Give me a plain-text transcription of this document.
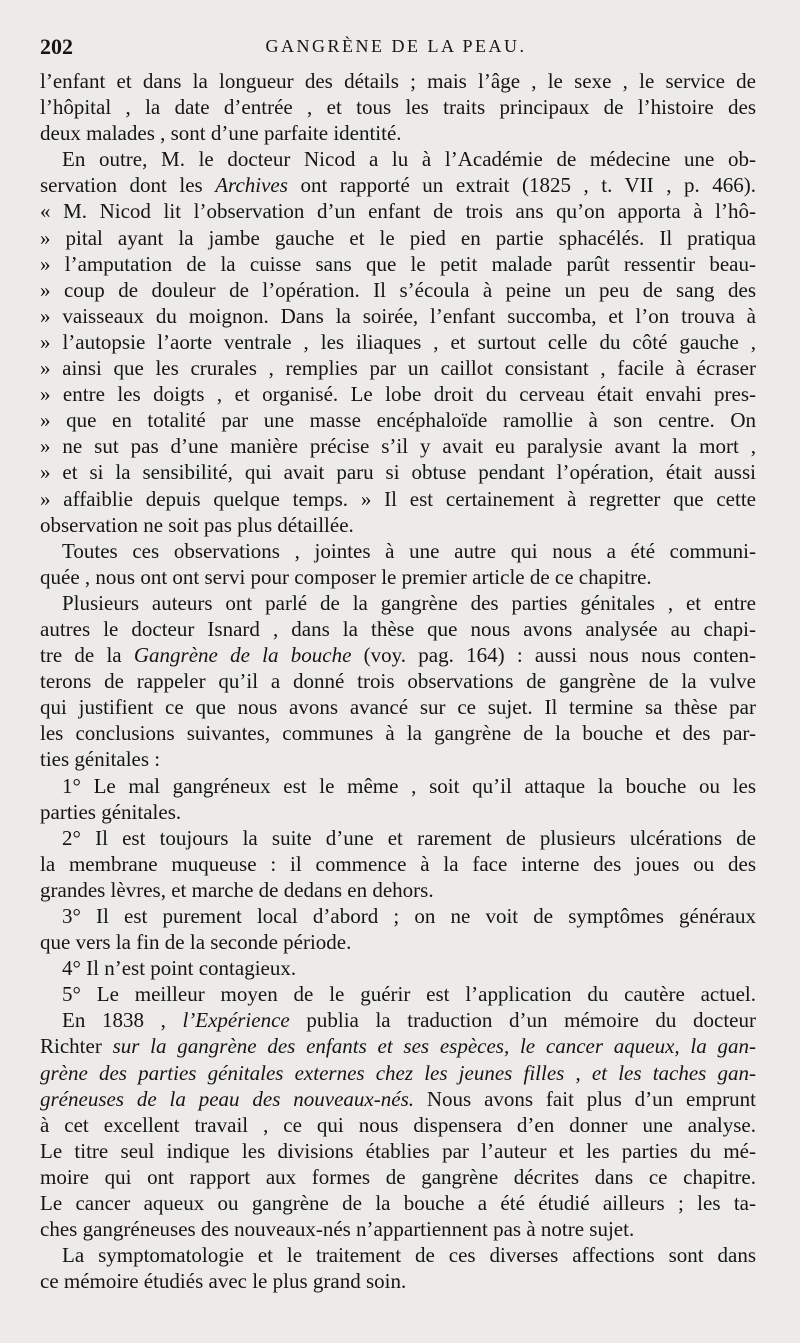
202	GANGRÈNE DE LA PEAU.
l’enfant et dans la longueur des détails ; mais l’âge , le sexe , le service de
l’hôpital , la date d’entrée , et tous les traits principaux de l’histoire des
deux malades , sont d’une parfaite identité.
En outre, M. le docteur Nicod a lu à l’Académie de médecine une ob-
servation dont les Archives ont rapporté un extrait (1825 , t. VII , p. 466).
« M. Nicod lit l’observation d’un enfant de trois ans qu’on apporta à l’hô-
» pital ayant la jambe gauche et le pied en partie sphacélés. Il pratiqua
» l’amputation de la cuisse sans que le petit malade parût ressentir beau-
» coup de douleur de l’opération. Il s’écoula à peine un peu de sang des
» vaisseaux du moignon. Dans la soirée, l’enfant succomba, et l’on trouva à
» l’autopsie l’aorte ventrale , les iliaques , et surtout celle du côté gauche ,
» ainsi que les crurales , remplies par un caillot consistant , facile à écraser
» entre les doigts , et organisé. Le lobe droit du cerveau était envahi pres-
» que en totalité par une masse encéphaloïde ramollie à son centre. On
» ne sut pas d’une manière précise s’il y avait eu paralysie avant la mort ,
» et si la sensibilité, qui avait paru si obtuse pendant l’opération, était aussi
» affaiblie depuis quelque temps. » Il est certainement à regretter que cette
observation ne soit pas plus détaillée.
Toutes ces observations , jointes à une autre qui nous a été communi-
quée , nous ont ont servi pour composer le premier article de ce chapitre.
Plusieurs auteurs ont parlé de la gangrène des parties génitales , et entre
autres le docteur Isnard , dans la thèse que nous avons analysée au chapi-
tre de la Gangrène de la bouche (voy. pag. 164) : aussi nous nous conten-
terons de rappeler qu’il a donné trois observations de gangrène de la vulve
qui justifient ce que nous avons avancé sur ce sujet. Il termine sa thèse par
les conclusions suivantes, communes à la gangrène de la bouche et des par-
ties génitales :
1° Le mal gangréneux est le même , soit qu’il attaque la bouche ou les
parties génitales.
2° Il est toujours la suite d’une et rarement de plusieurs ulcérations de
la membrane muqueuse : il commence à la face interne des joues ou des
grandes lèvres, et marche de dedans en dehors.
3° Il est purement local d’abord ; on ne voit de symptômes généraux
que vers la fin de la seconde période.
4° Il n’est point contagieux.
5° Le meilleur moyen de le guérir est l’application du cautère actuel.
En 1838 , l’Expérience publia la traduction d’un mémoire du docteur
Richter sur la gangrène des enfants et ses espèces, le cancer aqueux, la gan-
grène des parties génitales externes chez les jeunes filles , et les taches gan-
gréneuses de la peau des nouveaux-nés. Nous avons fait plus d’un emprunt
à cet excellent travail , ce qui nous dispensera d’en donner une analyse.
Le titre seul indique les divisions établies par l’auteur et les parties du mé-
moire qui ont rapport aux formes de gangrène décrites dans ce chapitre.
Le cancer aqueux ou gangrène de la bouche a été étudié ailleurs ; les ta-
ches gangréneuses des nouveaux-nés n’appartiennent pas à notre sujet.
La symptomatologie et le traitement de ces diverses affections sont dans
ce mémoire étudiés avec le plus grand soin.
